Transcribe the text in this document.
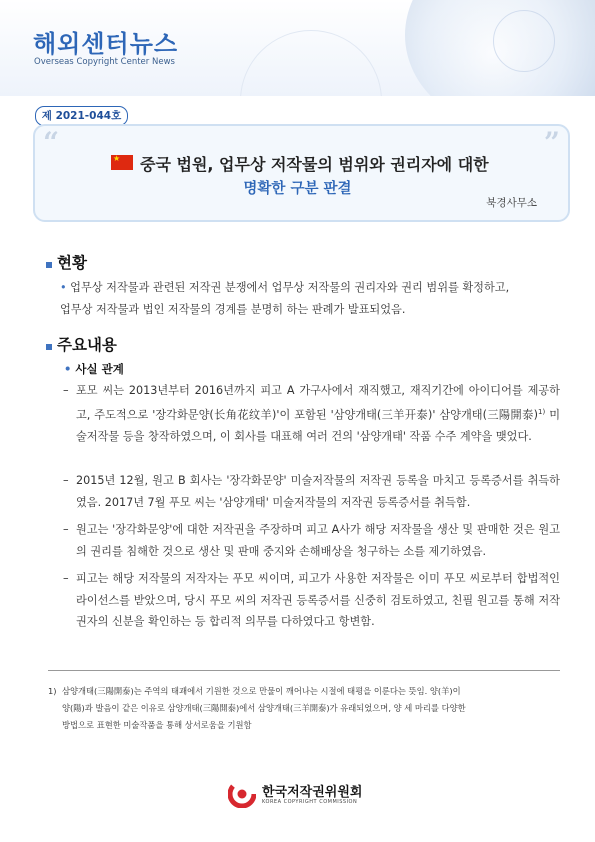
해외센터뉴스
Overseas Copyright Center News
제 2021-044호
“	”
★ 중국 법원, 업무상 저작물의 범위와 권리자에 대한
명확한 구분 판결
북경사무소
현황
• 업무상 저작물과 관련된 저작권 분쟁에서 업무상 저작물의 권리자와 권리 범위를 확정하고,
업무상 저작물과 법인 저작물의 경계를 분명히 하는 판례가 발표되었음.
주요내용
• 사실 관계
– 포모 씨는 2013년부터 2016년까지 피고 A 가구사에서 재직했고, 재직기간에 아이디어를 제공하고, 주도적으로 '장각화문양(长角花纹羊)'이 포함된 '삼양개태(三羊开泰)' 삼양개태(三陽開泰)$^{1)}$ 미술저작물 등을 창작하였으며, 이 회사를 대표해 여러 건의 '삼양개태' 작품 수주 계약을 맺었다.
– 2015년 12월, 원고 B 회사는 '장각화문양' 미술저작물의 저작권 등록을 마치고 등록증서를 취득하였음. 2017년 7월 푸모 씨는 '삼양개태' 미술저작물의 저작권 등록증서를 취득함.
– 원고는 '장각화문양'에 대한 저작권을 주장하며 피고 A사가 해당 저작물을 생산 및 판매한 것은 원고의 권리를 침해한 것으로 생산 및 판매 중지와 손해배상을 청구하는 소를 제기하였음.
– 피고는 해당 저작물의 저작자는 푸모 씨이며, 피고가 사용한 저작물은 이미 푸모 씨로부터 합법적인 라이선스를 받았으며, 당시 푸모 씨의 저작권 등록증서를 신중히 검토하였고, 친필 원고를 통해 저작권자의 신분을 확인하는 등 합리적 의무를 다하였다고 항변함.
1) 삼양개태(三陽開泰)는 주역의 태괘에서 기원한 것으로 만물이 깨어나는 시절에 태평을 이룬다는 뜻임. 양(羊)이
양(陽)과 발음이 같은 이유로 삼양개태(三陽開泰)에서 삼양개태(三羊開泰)가 유래되었으며, 양 세 마리를 다양한
방법으로 표현한 미술작품을 통해 상서로움을 기원함
한국저작권위원회
KOREA COPYRIGHT COMMISSION
